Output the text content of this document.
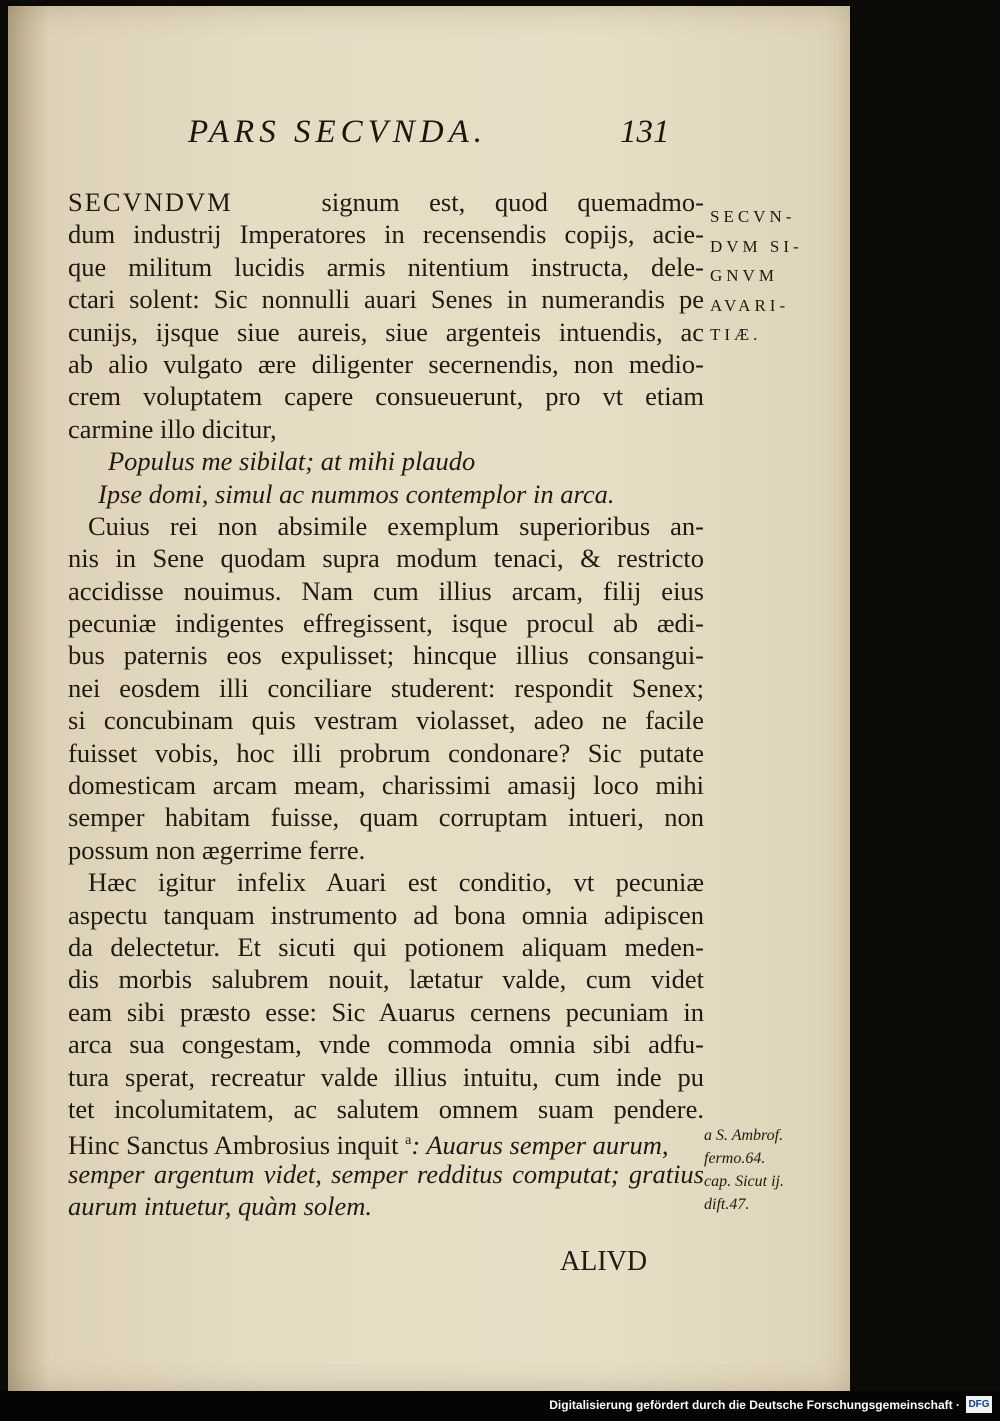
PARS SECVNDA.	131
SECVNDVM	signum est, quod quemadmo-
dum industrij Imperatores in recensendis copijs, acie-
que militum lucidis armis nitentium instructa, dele-
ctari solent: Sic nonnulli auari Senes in numerandis pe
cunijs, ijsque siue aureis, siue argenteis intuendis, ac
ab alio vulgato ære diligenter secernendis, non medio-
crem voluptatem capere consueuerunt, pro vt etiam
carmine illo dicitur,
Populus me sibilat; at mihi plaudo
Ipse domi, simul ac nummos contemplor in arca.
Cuius rei non absimile exemplum superioribus an-
nis in Sene quodam supra modum tenaci, & restricto
accidisse nouimus. Nam cum illius arcam, filij eius
pecuniæ indigentes effregissent, isque procul ab ædi-
bus paternis eos expulisset; hincque illius consangui-
nei eosdem illi conciliare studerent: respondit Senex;
si concubinam quis vestram violasset, adeo ne facile
fuisset vobis, hoc illi probrum condonare? Sic putate
domesticam arcam meam, charissimi amasij loco mihi
semper habitam fuisse, quam corruptam intueri, non
possum non ægerrime ferre.
Hæc igitur infelix Auari est conditio, vt pecuniæ
aspectu tanquam instrumento ad bona omnia adipiscen
da delectetur. Et sicuti qui potionem aliquam meden-
dis morbis salubrem nouit, lætatur valde, cum videt
eam sibi præsto esse: Sic Auarus cernens pecuniam in
arca sua congestam, vnde commoda omnia sibi adfu-
tura sperat, recreatur valde illius intuitu, cum inde pu
tet incolumitatem, ac salutem omnem suam pendere.
Hinc Sanctus Ambrosius inquit $^a$: Auarus semper aurum,
semper argentum videt, semper redditus computat; gratius
aurum intuetur, quàm solem.
ALIVD
SECVN-
DVM SI-
GNVM
AVARI-
TIÆ.
a S. Ambrof.
fermo.64.
cap. Sicut ij.
dift.47.
Digitalisierung gefördert durch die Deutsche Forschungsgemeinschaft · DFG
